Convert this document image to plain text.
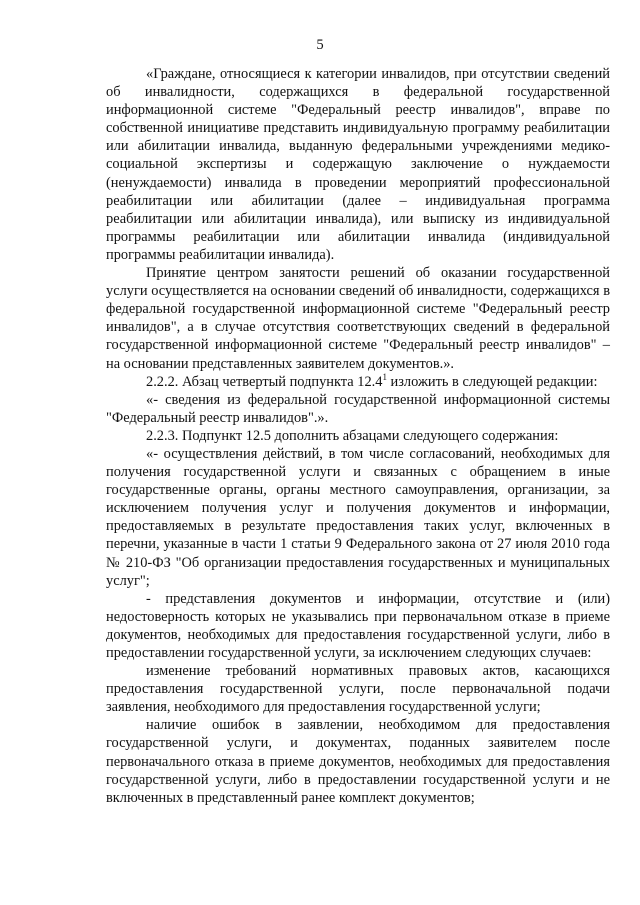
5

«Граждане, относящиеся к категории инвалидов, при отсутствии сведений об инвалидности, содержащихся в федеральной государственной информационной системе "Федеральный реестр инвалидов", вправе по собственной инициативе представить индивидуальную программу реабилитации или абилитации инвалида, выданную федеральными учреждениями медико-социальной экспертизы и содержащую заключение о нуждаемости (ненуждаемости) инвалида в проведении мероприятий профессиональной реабилитации или абилитации (далее – индивидуальная программа реабилитации или абилитации инвалида), или выписку из индивидуальной программы реабилитации или абилитации инвалида (индивидуальной программы реабилитации инвалида).

Принятие центром занятости решений об оказании государственной услуги осуществляется на основании сведений об инвалидности, содержащихся в федеральной государственной информационной системе "Федеральный реестр инвалидов", а в случае отсутствия соответствующих сведений в федеральной государственной информационной системе "Федеральный реестр инвалидов" – на основании представленных заявителем документов.».

2.2.2. Абзац четвертый подпункта 12.4$^1$ изложить в следующей редакции:

«- сведения из федеральной государственной информационной системы "Федеральный реестр инвалидов".».

2.2.3. Подпункт 12.5 дополнить абзацами следующего содержания:

«- осуществления действий, в том числе согласований, необходимых для получения государственной услуги и связанных с обращением в иные государственные органы, органы местного самоуправления, организации, за исключением получения услуг и получения документов и информации, предоставляемых в результате предоставления таких услуг, включенных в перечни, указанные в части 1 статьи 9 Федерального закона от 27 июля 2010 года № 210-ФЗ "Об организации предоставления государственных и муниципальных услуг";

- представления документов и информации, отсутствие и (или) недостоверность которых не указывались при первоначальном отказе в приеме документов, необходимых для предоставления государственной услуги, либо в предоставлении государственной услуги, за исключением следующих случаев:

изменение требований нормативных правовых актов, касающихся предоставления государственной услуги, после первоначальной подачи заявления, необходимого для предоставления государственной услуги;

наличие ошибок в заявлении, необходимом для предоставления государственной услуги, и документах, поданных заявителем после первоначального отказа в приеме документов, необходимых для предоставления государственной услуги, либо в предоставлении государственной услуги и не включенных в представленный ранее комплект документов;
